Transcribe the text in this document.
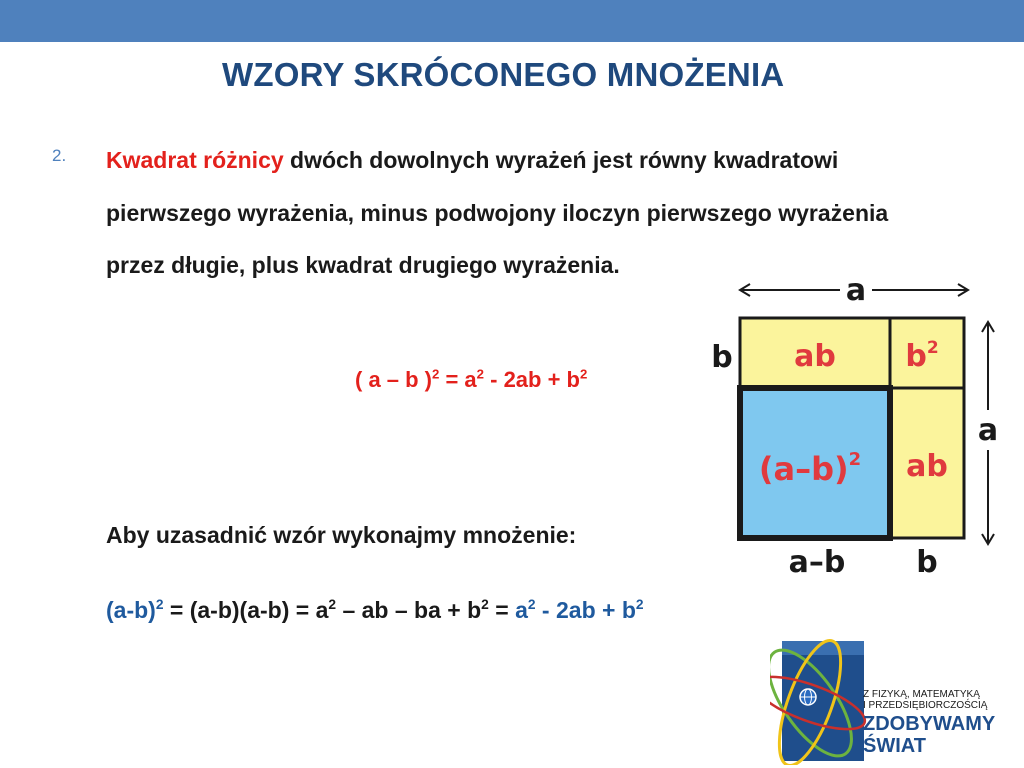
WZORY SKRÓCONEGO MNOŻENIA
2. Kwadrat różnicy dwóch dowolnych wyrażeń jest równy kwadratowi pierwszego wyrażenia, minus podwojony iloczyn pierwszego wyrażenia przez długie, plus kwadrat drugiego wyrażenia.

( a – b )$^2 = a^2 - 2ab + b^2$
Aby uzasadnić wzór wykonajmy mnożenie:
$(a-b)^2 = (a-b)(a-b) = a^2$ – ab – ba + $b^2 = a^2 - 2ab + b^2$
a
a
b ab $b^2$
ab
$(a-b)^2$
a–b b
Z FIZYKĄ, MATEMATYKĄ
I PRZEDSIĘBIORCZOŚCIĄ
ZDOBYWAMY
ŚWIAT
